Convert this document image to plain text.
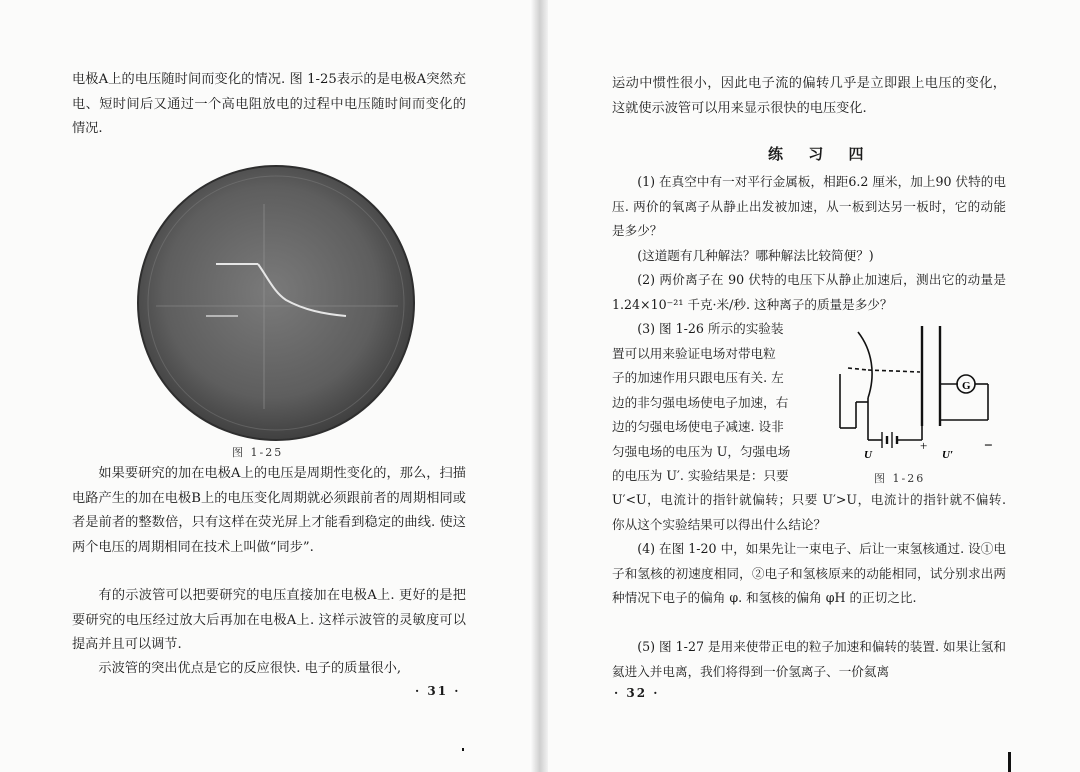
电极A上的电压随时间而变化的情况. 图 1-25表示的是电极A突然充电、短时间后又通过一个高电阻放电的过程中电压随时间而变化的情况.

图 1-25

如果要研究的加在电极A上的电压是周期性变化的，那么，扫描电路产生的加在电极B上的电压变化周期就必须跟前者的周期相同或者是前者的整数倍，只有这样在荧光屏上才能看到稳定的曲线. 使这两个电压的周期相同在技术上叫做“同步”.

有的示波管可以把要研究的电压直接加在电极A上. 更好的是把要研究的电压经过放大后再加在电极A上. 这样示波管的灵敏度可以提高并且可以调节.

示波管的突出优点是它的反应很快. 电子的质量很小,

· 31 ·

运动中惯性很小，因此电子流的偏转几乎是立即跟上电压的变化，这就使示波管可以用来显示很快的电压变化.

练 习 四

(1) 在真空中有一对平行金属板，相距6.2 厘米，加上90 伏特的电压. 两价的氧离子从静止出发被加速，从一板到达另一板时，它的动能是多少？

(这道题有几种解法？哪种解法比较简便？)

(2) 两价离子在 90 伏特的电压下从静止加速后，测出它的动量是 1.24×10⁻²¹ 千克·米/秒. 这种离子的质量是多少？

(3) 图 1-26 所示的实验装
置可以用来验证电场对带电粒
子的加速作用只跟电压有关. 左
边的非匀强电场使电子加速，右
边的匀强电场使电子减速. 设非
匀强电场的电压为 U，匀强电场
的电压为 U′. 实验结果是：只要

U′<U，电流计的指针就偏转；只要 U′>U，电流计的指针就不偏转. 你从这个实验结果可以得出什么结论？

(4) 在图 1-20 中，如果先让一束电子、后让一束氢核通过. 设①电子和氢核的初速度相同，②电子和氢核原来的动能相同，试分别求出两种情况下电子的偏角 φ. 和氢核的偏角 φH 的正切之比.

(5) 图 1-27 是用来使带正电的粒子加速和偏转的装置. 如果让氢和氦进入并电离，我们将得到一价氢离子、一价氦离

· 32 ·
G
+	−
U	U′
图 1-26
